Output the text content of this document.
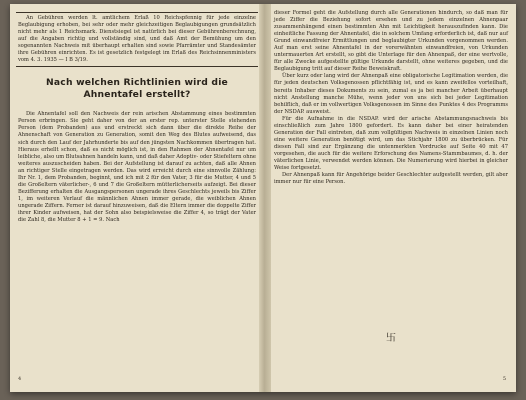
An Gebühren werden lt. amtlichem Erlaß 10 Reichspfennig für jede einzelne Beglaubigung erhoben, bei sehr oder mehr gleichzeitigen Beglaubigungen grundsätzlich nicht mehr als 1 Reichsmark. Dienstsiegel ist natürlich bei dieser Gebührenberechnung, auf die Angaben richtig und vollständig sind, und daß Amt der Bemühung um den sogenannten Nachweis mit überhaupt erhalten sind sowie Pfarrämter und Standesämter ihre Gebühren einrichten. Es ist gesetzlich festgelegt im Erlaß des Reichsinnenministers vom 4. 3. 1935 — I B 3/19.

Nach welchen Richtlinien wird die
Ahnentafel erstellt?

Die Ahnentafel soll den Nachweis der rein arischen Abstammung eines bestimmten Person erbringen. Sie geht daher von der an erster rep. unterster Stelle stehenden Person (dem Probanden) aus und erstreckt sich dann über die direkte Reihe der Ahnenschaft von Generation zu Generation, somit den Weg des Blutes aufweisend, das sich durch den Lauf der Jahrhunderte bis auf den jüngsten Nachkommen übertragen hat. Hieraus erhellt schon, daß es nicht möglich ist, in den Rahmen der Ahnentafel nur um leibliche, also um Blutsahnen handeln kann, und daß daher Adoptiv- oder Stiefeltern ohne weiteres auszuscheiden haben. Bei der Aufstellung ist darauf zu achten, daß alle Ahnen an richtiger Stelle eingetragen werden. Das wird erreicht durch eine sinnvolle Zählung: Ihr Nr. 1, dem Probanden, beginnt, und ich mit 2 für den Vater, 3 für die Mutter, 4 und 5 die Großeltern väterlicher-, 6 und 7 die Großeltern mütterlicherseits aufzeigt. Bei dieser Bezifferung erhalten die Ausgangspersonen ungerade ihres Geschlechts jeweils bis Ziffer 1, im weiteren Verlauf die männlichen Ahnen immer gerade, die weiblichen Ahnen ungerade Ziffern. Ferner ist darauf hinzuweisen, daß die Eltern immer die doppelte Ziffer ihrer Kinder aufweisen, hat der Sohn also beispielsweise die Ziffer 4, so trägt der Vater die Zahl 8, die Mutter 8 + 1 = 9. Nach

4

dieser Formel geht die Aufstellung durch alle Generationen hindurch, so daß man für jede Ziffer die Beziehung sofort ersehen und zu jedem einzelnen Ahnenpaar zusammenhängend einen bestimmten Ahn mit Leichtigkeit herauszufinden kann. Die einheitliche Fassung der Ahnentafel, die in solchem Umfang erforderlich ist, daß nur auf Grund einwandfreier Ermittlungen und beglaubigter Urkunden vorgenommen werden. Auf man erst seine Ahnentafel in der vorerwähnten einwandfreien, von Urkunden untermauerten Art erstellt, so gibt die Unterlage für den Ahnenpaß, der eine wertvolle, für alle Zwecke aufgestellte gültige Urkunde darstellt, ohne weiteres gegeben, und die Beglaubigung tritt auf dieser Reihe Beweiskraft.

Über kurz oder lang wird der Ahnenpaß eine obligatorische Legitimation werden, die für jeden deutschen Volksgenossen pflichtfähig ist, und es kann zweifellos vorteilhaft, bereits Inhaber dieses Dokuments zu sein, zumal es ja bei mancher Arbeit überhaupt nicht Anstellung manche Mühe, wenn jeder von uns sich bei jeder Legitimation behilflich, daß er im vollwertigen Volksgenossen im Sinne des Punktes 4 des Programms der NSDAP. ausweist.

Für die Aufnahme in die NSDAP. wird der arische Abstammungsnachweis bis einschließlich zum Jahre 1800 gefordert. Es kann daher bei einer heiratenden Generation der Fall eintreten, daß zum vollgültigen Nachweis in einzelnen Linien noch eine weitere Generation benötigt wird, um das Stichjahr 1800 zu überbrücken. Für diesen Fall sind zur Ergänzung die untenmerkten Vordrucke auf Seite 40 mit 47 vorgesehen, die auch für die weitere Erforschung des Namens-Stammbaumes, d. h. der väterlichen Linie, verwendet werden können. Die Numerierung wird hierbei in gleicher Weise fortgesetzt.

Der Ahnenpaß kann für Angehörige beider Geschlechter aufgestellt werden, gilt aber immer nur für eine Person.

卐
5
